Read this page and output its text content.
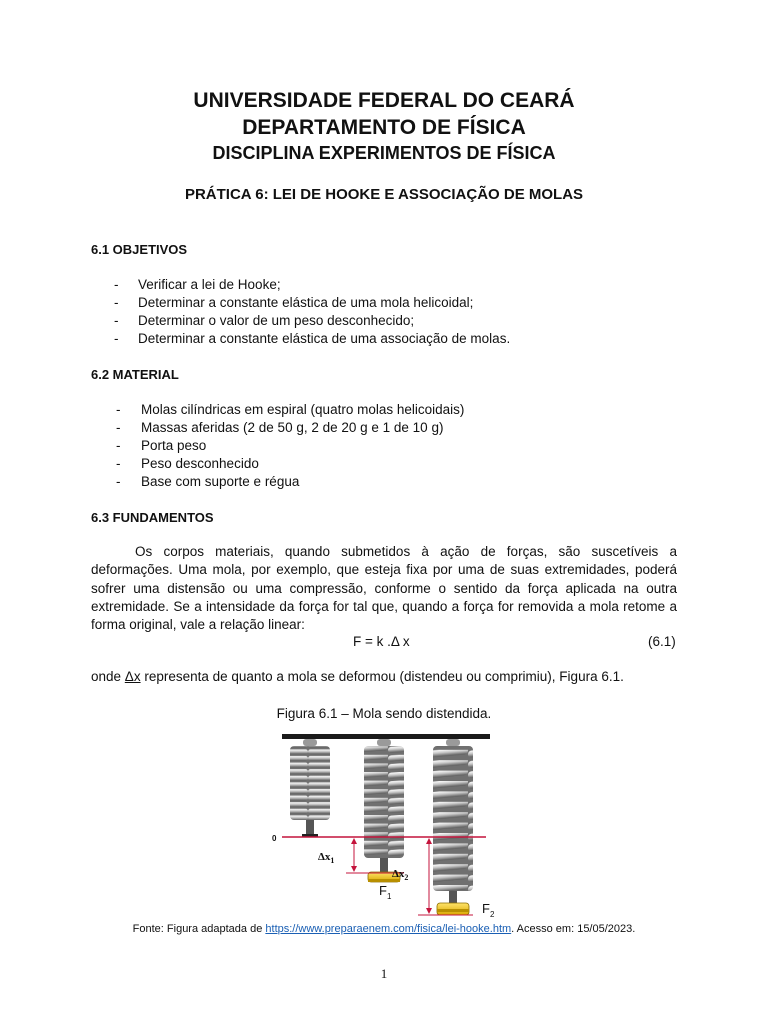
UNIVERSIDADE FEDERAL DO CEARÁ
DEPARTAMENTO DE FÍSICA
DISCIPLINA EXPERIMENTOS DE FÍSICA
PRÁTICA 6: LEI DE HOOKE E ASSOCIAÇÃO DE MOLAS
6.1 OBJETIVOS
- Verificar a lei de Hooke;
- Determinar a constante elástica de uma mola helicoidal;
- Determinar o valor de um peso desconhecido;
- Determinar a constante elástica de uma associação de molas.
6.2 MATERIAL
- Molas cilíndricas em espiral (quatro molas helicoidais)
- Massas aferidas (2 de 50 g, 2 de 20 g e 1 de 10 g)
- Porta peso
- Peso desconhecido
- Base com suporte e régua
6.3 FUNDAMENTOS

Os corpos materiais, quando submetidos à ação de forças, são suscetíveis a deformações. Uma mola, por exemplo, que esteja fixa por uma de suas extremidades, poderá sofrer uma distensão ou uma compressão, conforme o sentido da força aplicada na outra extremidade. Se a intensidade da força for tal que, quando a força for removida a mola retome a forma original, vale a relação linear:

F = k .Δ x	(6.1)
onde Δx representa de quanto a mola se deformou (distendeu ou comprimiu), Figura 6.1.
Figura 6.1 – Mola sendo distendida.
0
$\Delta x_1$
$\Delta x_2$
$F_1$
$F_2$
Fonte: Figura adaptada de https://www.preparaenem.com/fisica/lei-hooke.htm. Acesso em: 15/05/2023.
1
